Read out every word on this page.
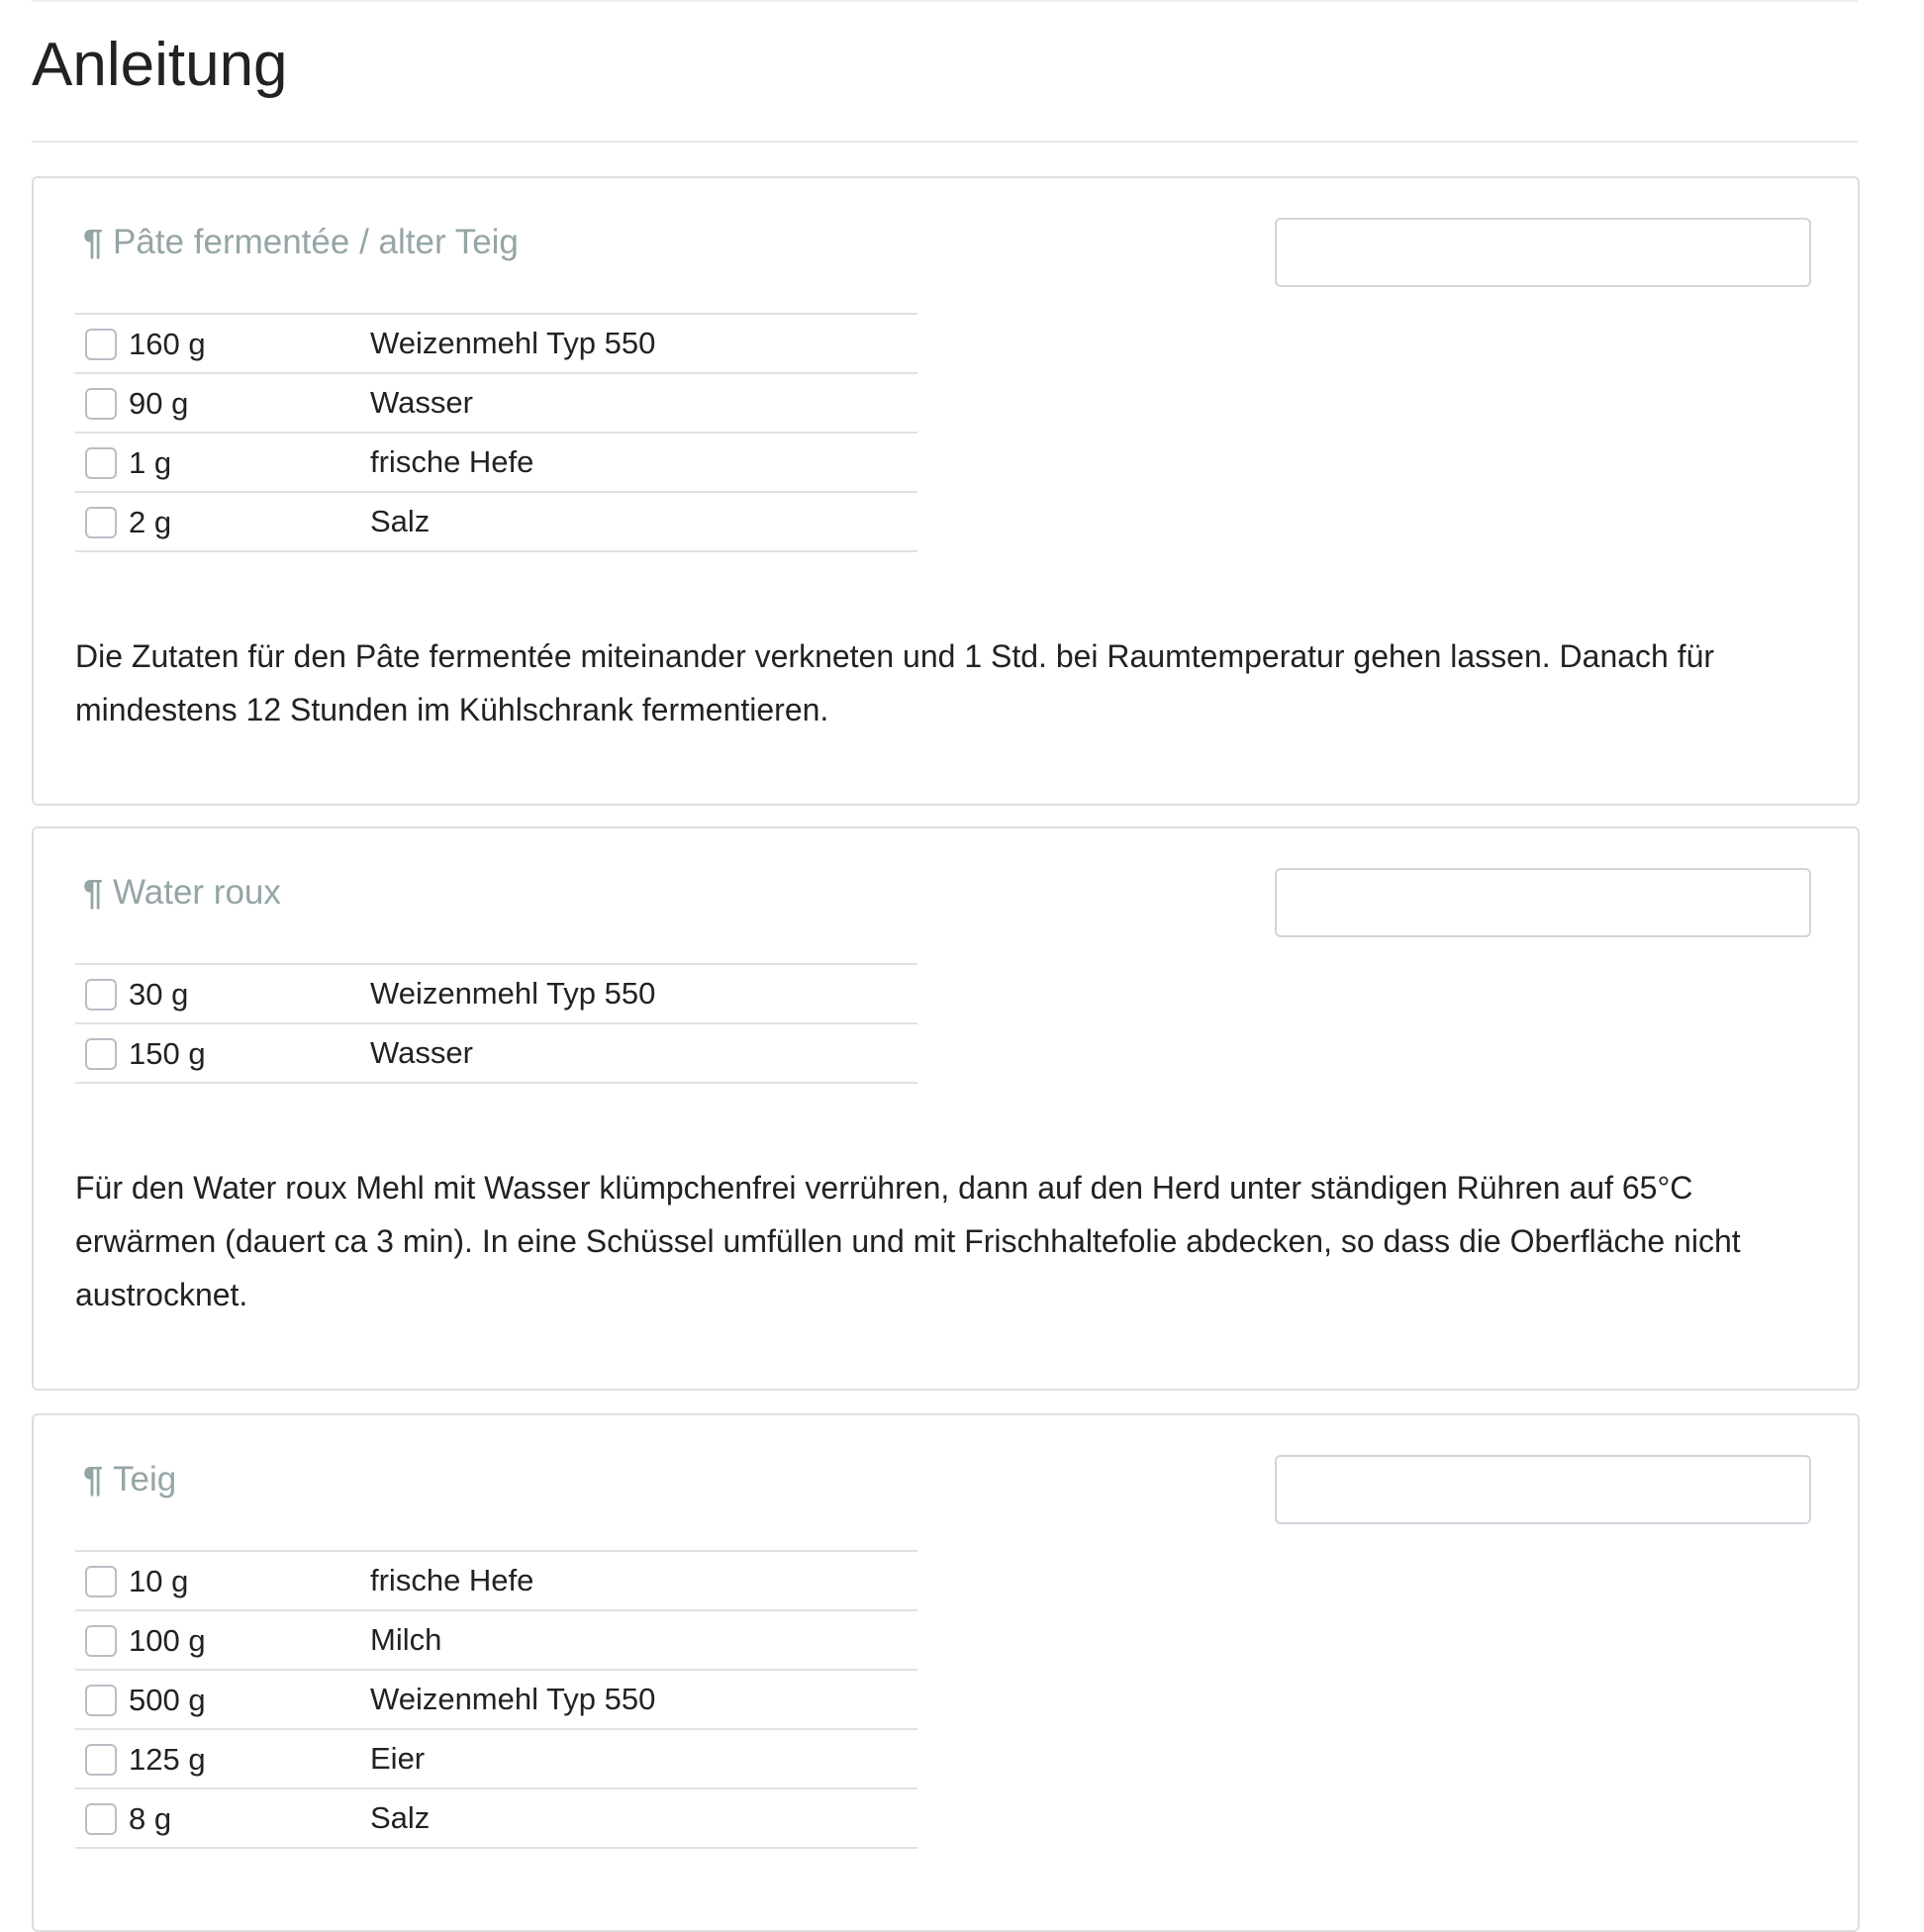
Anleitung
¶ Pâte fermentée / alter Teig
160 g	Weizenmehl Typ 550
90 g	Wasser
1 g	frische Hefe
2 g	Salz

Die Zutaten für den Pâte fermentée miteinander verkneten und 1 Std. bei Raumtemperatur gehen lassen. Danach für mindestens 12 Stunden im Kühlschrank fermentieren.

¶ Water roux
30 g	Weizenmehl Typ 550
150 g	Wasser

Für den Water roux Mehl mit Wasser klümpchenfrei verrühren, dann auf den Herd unter ständigen Rühren auf 65°C erwärmen (dauert ca 3 min). In eine Schüssel umfüllen und mit Frischhaltefolie abdecken, so dass die Oberfläche nicht austrocknet.

¶ Teig
10 g	frische Hefe
100 g	Milch
500 g	Weizenmehl Typ 550
125 g	Eier
8 g	Salz
